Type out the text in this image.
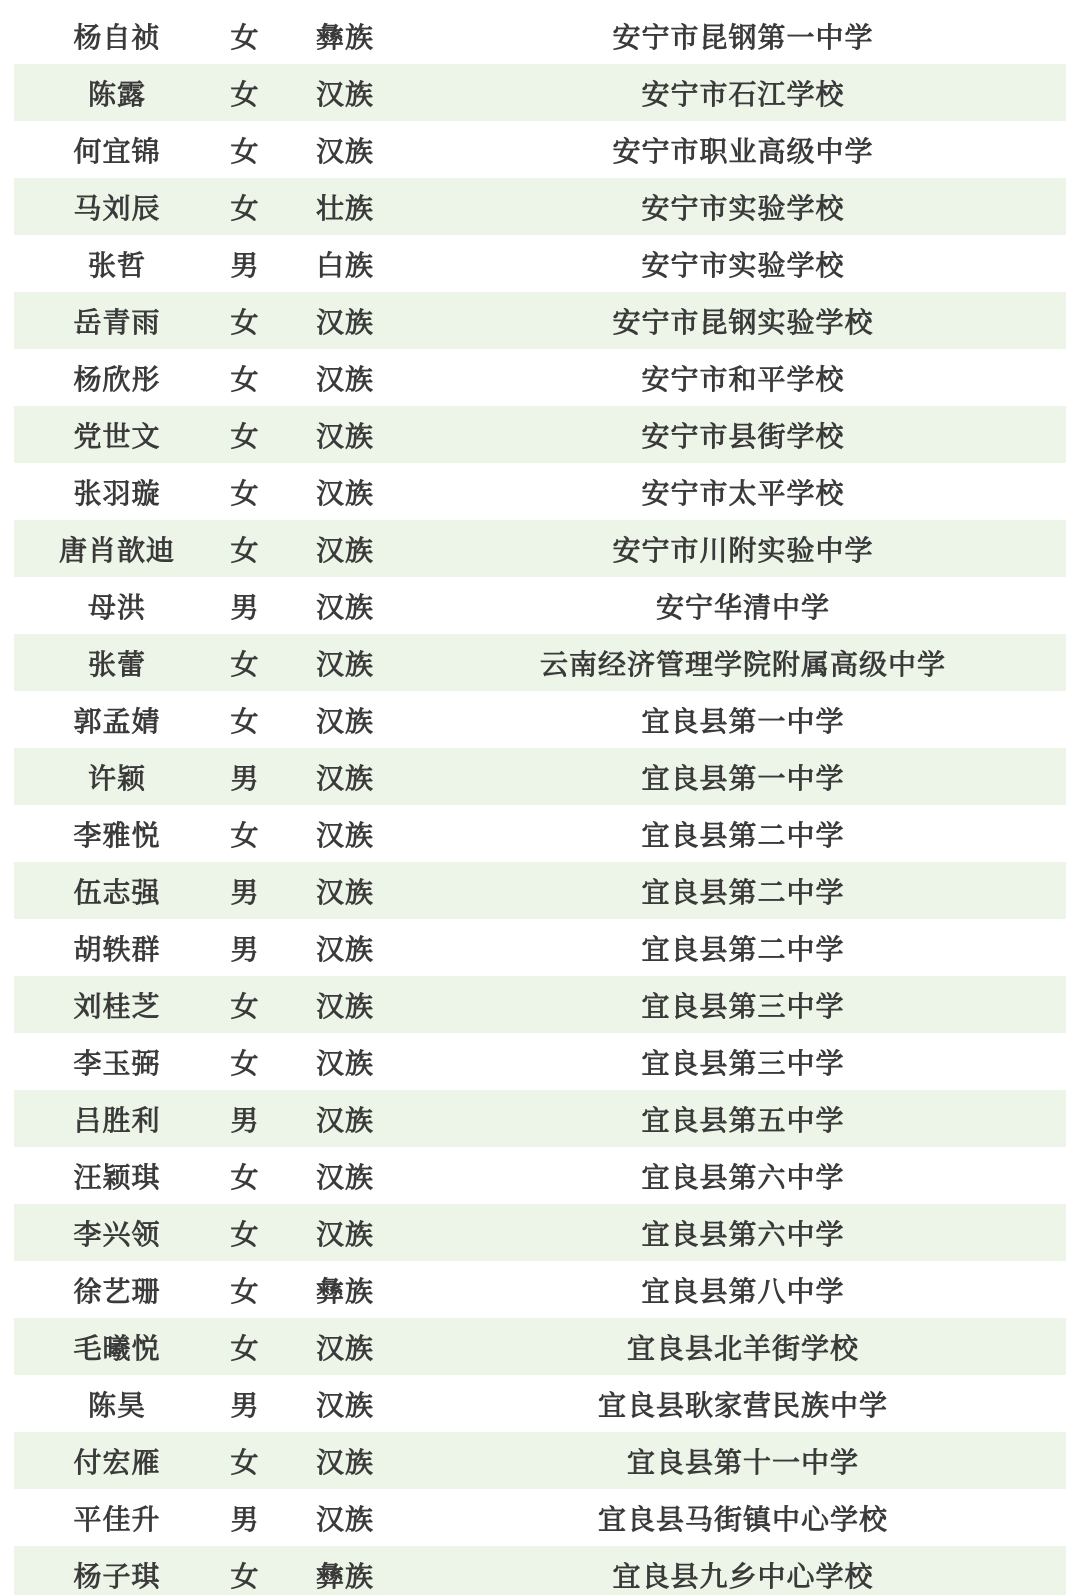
杨自祯	女	彝族	安宁市昆钢第一中学
陈露	女	汉族	安宁市石江学校
何宜锦	女	汉族	安宁市职业高级中学
马刘辰	女	壮族	安宁市实验学校
张哲	男	白族	安宁市实验学校
岳青雨	女	汉族	安宁市昆钢实验学校
杨欣彤	女	汉族	安宁市和平学校
党世文	女	汉族	安宁市县街学校
张羽璇	女	汉族	安宁市太平学校
唐肖歆迪	女	汉族	安宁市川附实验中学
母洪	男	汉族	安宁华清中学
张蕾	女	汉族	云南经济管理学院附属高级中学
郭孟婧	女	汉族	宜良县第一中学
许颖	男	汉族	宜良县第一中学
李雅悦	女	汉族	宜良县第二中学
伍志强	男	汉族	宜良县第二中学
胡轶群	男	汉族	宜良县第二中学
刘桂芝	女	汉族	宜良县第三中学
李玉弼	女	汉族	宜良县第三中学
吕胜利	男	汉族	宜良县第五中学
汪颖琪	女	汉族	宜良县第六中学
李兴领	女	汉族	宜良县第六中学
徐艺珊	女	彝族	宜良县第八中学
毛曦悦	女	汉族	宜良县北羊街学校
陈昊	男	汉族	宜良县耿家营民族中学
付宏雁	女	汉族	宜良县第十一中学
平佳升	男	汉族	宜良县马街镇中心学校
杨子琪	女	彝族	宜良县九乡中心学校
